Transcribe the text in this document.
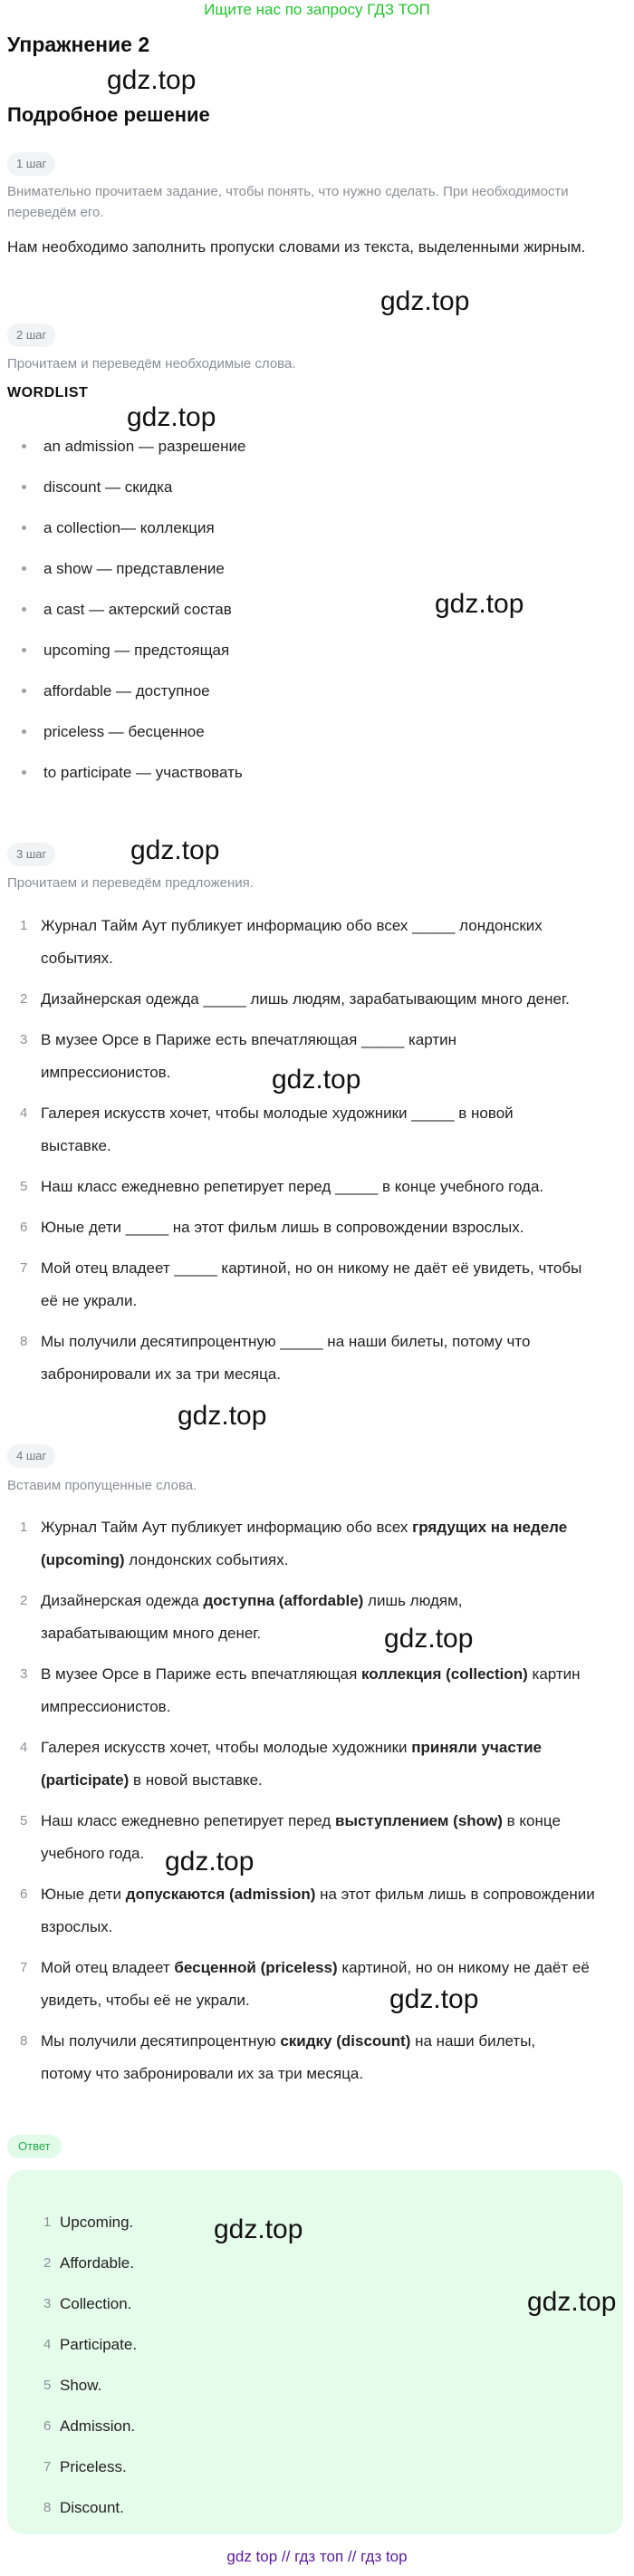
Ищите нас по запросу ГДЗ ТОП
Упражнение 2
gdz.top
Подробное решение
1 шаг
Внимательно прочитаем задание, чтобы понять, что нужно сделать. При необходимости переведём его.
Нам необходимо заполнить пропуски словами из текста, выделенными жирным.
gdz.top
2 шаг
Прочитаем и переведём необходимые слова.
WORDLIST
gdz.top
an admission — разрешение
discount — скидка
a collection— коллекция
a show — представление
a cast — актерский состав
upcoming — предстоящая
affordable — доступное
priceless — бесценное
to participate — участвовать
gdz.top
3 шаг	gdz.top
Прочитаем и переведём предложения.
1 Журнал Тайм Аут публикует информацию обо всех _____ лондонских
событиях.
2 Дизайнерская одежда _____ лишь людям, зарабатывающим много денег.
3 В музее Орсе в Париже есть впечатляющая _____ картин
импрессионистов.
4 Галерея искусств хочет, чтобы молодые художники _____ в новой
выставке.
5 Наш класс ежедневно репетирует перед _____ в конце учебного года.
6 Юные дети _____ на этот фильм лишь в сопровождении взрослых.
7 Мой отец владеет _____ картиной, но он никому не даёт её увидеть, чтобы
её не украли.
8 Мы получили десятипроцентную _____ на наши билеты, потому что
забронировали их за три месяца.
gdz.top
gdz.top
4 шаг
Вставим пропущенные слова.
1 Журнал Тайм Аут публикует информацию обо всех грядущих на неделе
(upcoming) лондонских событиях.
2 Дизайнерская одежда доступна (affordable) лишь людям,
зарабатывающим много денег.
3 В музее Орсе в Париже есть впечатляющая коллекция (collection) картин
импрессионистов.
4 Галерея искусств хочет, чтобы молодые художники приняли участие
(participate) в новой выставке.
5 Наш класс ежедневно репетирует перед выступлением (show) в конце
учебного года.
6 Юные дети допускаются (admission) на этот фильм лишь в сопровождении
взрослых.
7 Мой отец владеет бесценной (priceless) картиной, но он никому не даёт её
увидеть, чтобы её не украли.
8 Мы получили десятипроцентную скидку (discount) на наши билеты,
потому что забронировали их за три месяца.
gdz.top
gdz.top
gdz.top
Ответ
1 Upcoming.
2 Affordable.
3 Collection.
4 Participate.
5 Show.
6 Admission.
7 Priceless.
8 Discount.
gdz.top
gdz.top
gdz top // гдз топ // гдз top
